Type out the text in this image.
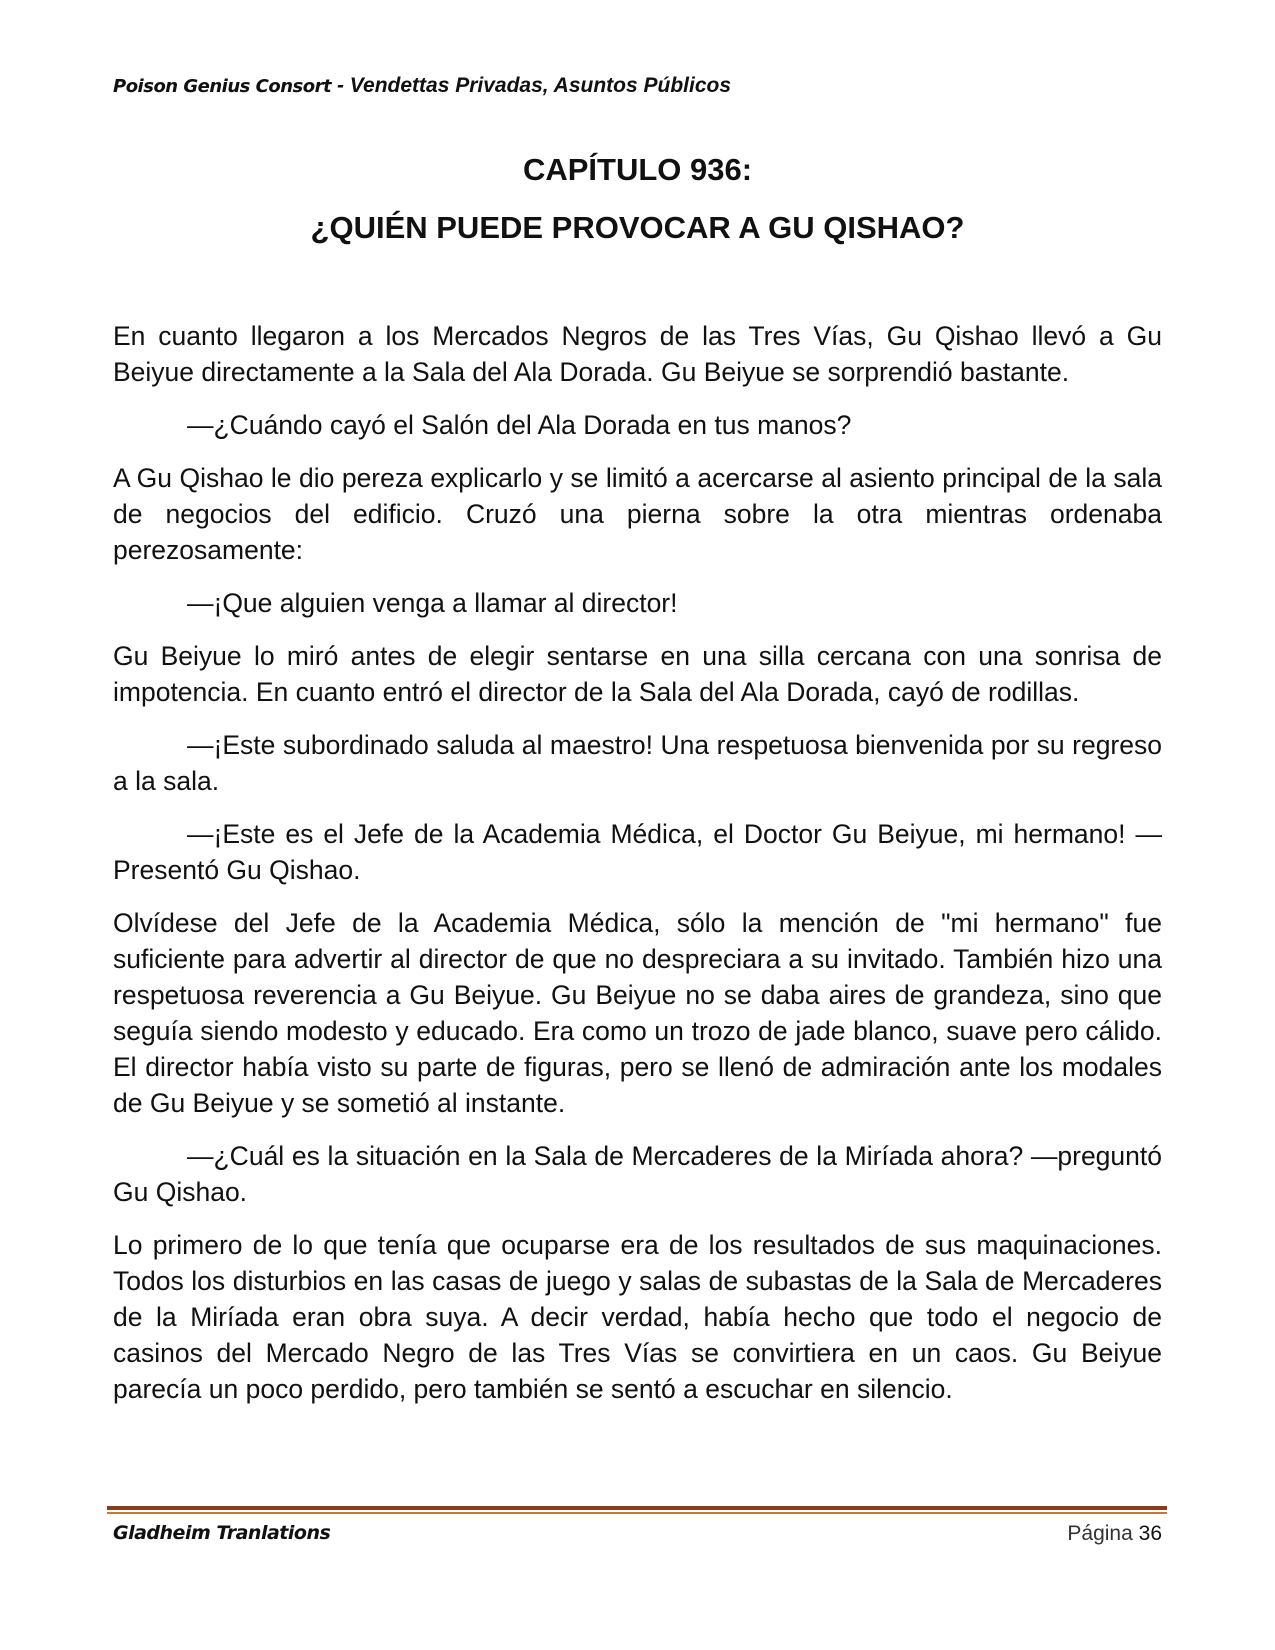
Poison Genius Consort - Vendettas Privadas, Asuntos Públicos
CAPÍTULO 936:
¿QUIÉN PUEDE PROVOCAR A GU QISHAO?

En cuanto llegaron a los Mercados Negros de las Tres Vías, Gu Qishao llevó a Gu Beiyue directamente a la Sala del Ala Dorada. Gu Beiyue se sorprendió bastante.

—¿Cuándo cayó el Salón del Ala Dorada en tus manos?

A Gu Qishao le dio pereza explicarlo y se limitó a acercarse al asiento principal de la sala de negocios del edificio. Cruzó una pierna sobre la otra mientras ordenaba perezosamente:

—¡Que alguien venga a llamar al director!

Gu Beiyue lo miró antes de elegir sentarse en una silla cercana con una sonrisa de impotencia. En cuanto entró el director de la Sala del Ala Dorada, cayó de rodillas.

—¡Este subordinado saluda al maestro! Una respetuosa bienvenida por su regreso a la sala.

—¡Este es el Jefe de la Academia Médica, el Doctor Gu Beiyue, mi hermano! —Presentó Gu Qishao.

Olvídese del Jefe de la Academia Médica, sólo la mención de "mi hermano" fue suficiente para advertir al director de que no despreciara a su invitado. También hizo una respetuosa reverencia a Gu Beiyue. Gu Beiyue no se daba aires de grandeza, sino que seguía siendo modesto y educado. Era como un trozo de jade blanco, suave pero cálido. El director había visto su parte de figuras, pero se llenó de admiración ante los modales de Gu Beiyue y se sometió al instante.

—¿Cuál es la situación en la Sala de Mercaderes de la Miríada ahora? —preguntó Gu Qishao.

Lo primero de lo que tenía que ocuparse era de los resultados de sus maquinaciones. Todos los disturbios en las casas de juego y salas de subastas de la Sala de Mercaderes de la Miríada eran obra suya. A decir verdad, había hecho que todo el negocio de casinos del Mercado Negro de las Tres Vías se convirtiera en un caos. Gu Beiyue parecía un poco perdido, pero también se sentó a escuchar en silencio.

Gladheim Tranlations	Página 36
